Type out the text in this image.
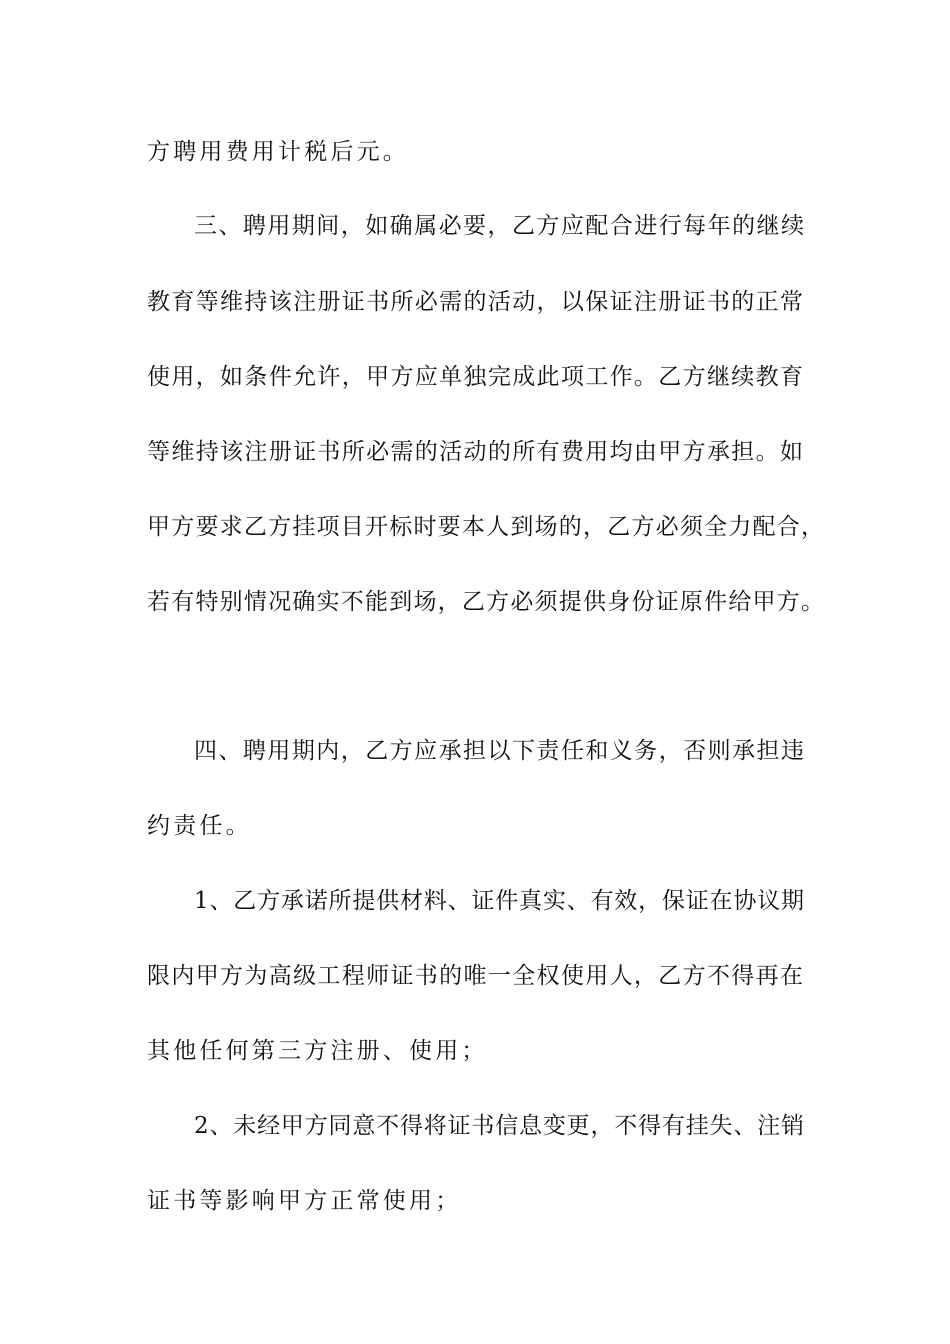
方聘用费用计税后元。

三、聘用期间，如确属必要，乙方应配合进行每年的继续

教育等维持该注册证书所必需的活动，以保证注册证书的正常

使用，如条件允许，甲方应单独完成此项工作。乙方继续教育

等维持该注册证书所必需的活动的所有费用均由甲方承担。如

甲方要求乙方挂项目开标时要本人到场的，乙方必须全力配合，

若有特别情况确实不能到场，乙方必须提供身份证原件给甲方。

四、聘用期内，乙方应承担以下责任和义务，否则承担违

约责任。

1、乙方承诺所提供材料、证件真实、有效，保证在协议期

限内甲方为高级工程师证书的唯一全权使用人，乙方不得再在

其他任何第三方注册、使用；

2、未经甲方同意不得将证书信息变更，不得有挂失、注销

证书等影响甲方正常使用；
